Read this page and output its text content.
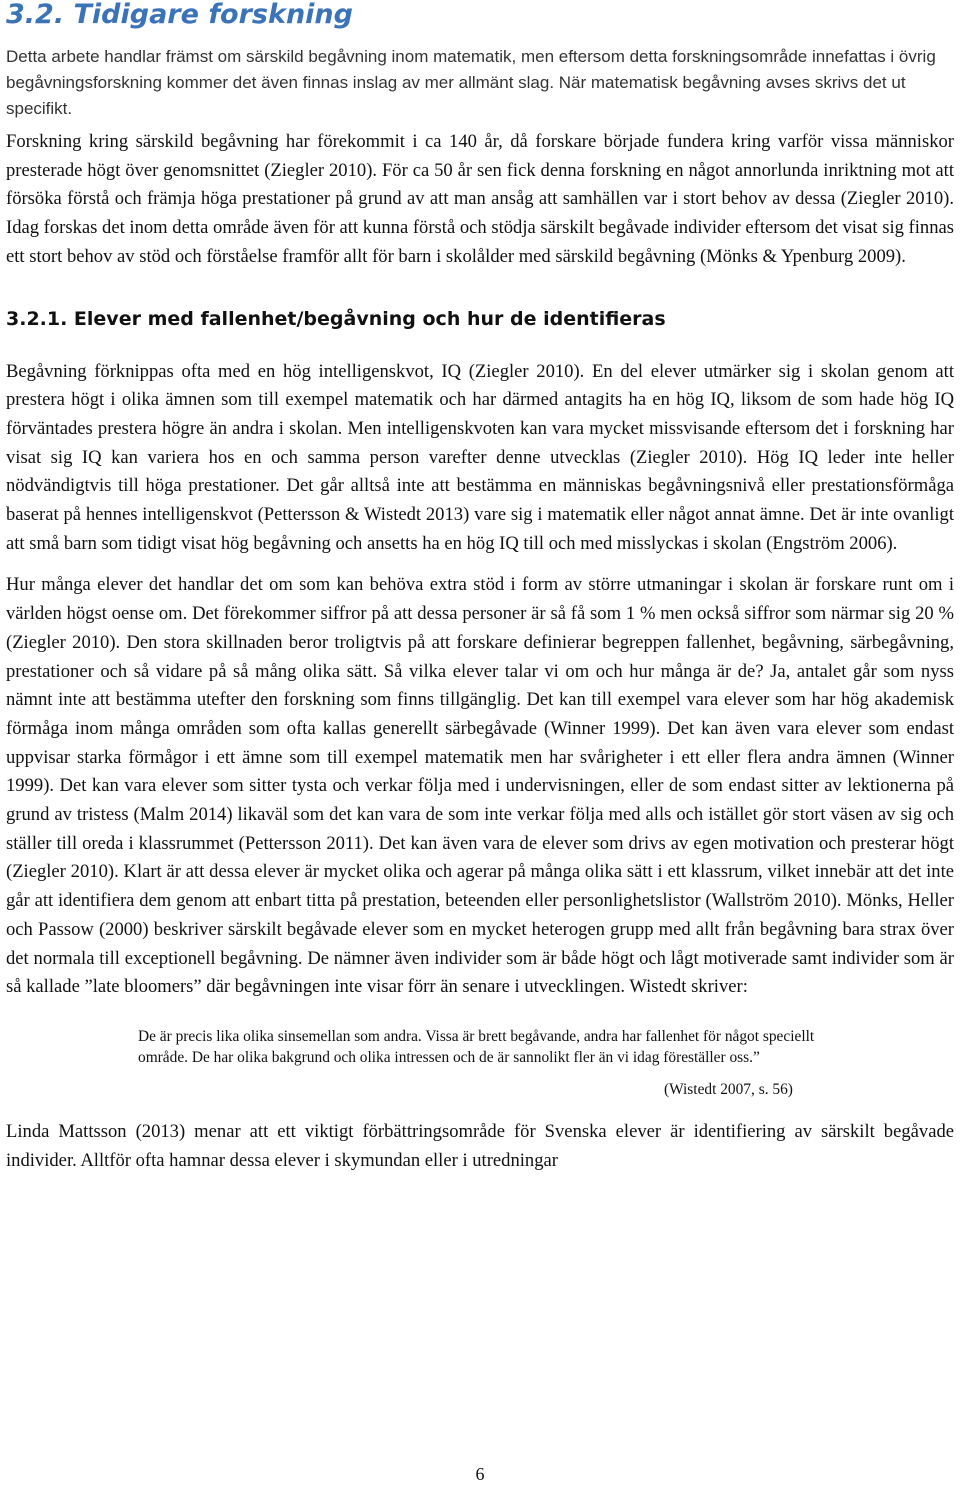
3.2. Tidigare forskning

Detta arbete handlar främst om särskild begåvning inom matematik, men eftersom detta forskningsområde innefattas i övrig begåvningsforskning kommer det även finnas inslag av mer allmänt slag. När matematisk begåvning avses skrivs det ut specifikt.

Forskning kring särskild begåvning har förekommit i ca 140 år, då forskare började fundera kring varför vissa människor presterade högt över genomsnittet (Ziegler 2010). För ca 50 år sen fick denna forskning en något annorlunda inriktning mot att försöka förstå och främja höga prestationer på grund av att man ansåg att samhällen var i stort behov av dessa (Ziegler 2010). Idag forskas det inom detta område även för att kunna förstå och stödja särskilt begåvade individer eftersom det visat sig finnas ett stort behov av stöd och förståelse framför allt för barn i skolålder med särskild begåvning (Mönks & Ypenburg 2009).

3.2.1. Elever med fallenhet/begåvning och hur de identifieras

Begåvning förknippas ofta med en hög intelligenskvot, IQ (Ziegler 2010). En del elever utmärker sig i skolan genom att prestera högt i olika ämnen som till exempel matematik och har därmed antagits ha en hög IQ, liksom de som hade hög IQ förväntades prestera högre än andra i skolan. Men intelligenskvoten kan vara mycket missvisande eftersom det i forskning har visat sig IQ kan variera hos en och samma person varefter denne utvecklas (Ziegler 2010). Hög IQ leder inte heller nödvändigtvis till höga prestationer. Det går alltså inte att bestämma en människas begåvningsnivå eller prestationsförmåga baserat på hennes intelligenskvot (Pettersson & Wistedt 2013) vare sig i matematik eller något annat ämne. Det är inte ovanligt att små barn som tidigt visat hög begåvning och ansetts ha en hög IQ till och med misslyckas i skolan (Engström 2006).

Hur många elever det handlar det om som kan behöva extra stöd i form av större utmaningar i skolan är forskare runt om i världen högst oense om. Det förekommer siffror på att dessa personer är så få som 1 % men också siffror som närmar sig 20 % (Ziegler 2010). Den stora skillnaden beror troligtvis på att forskare definierar begreppen fallenhet, begåvning, särbegåvning, prestationer och så vidare på så mång olika sätt. Så vilka elever talar vi om och hur många är de? Ja, antalet går som nyss nämnt inte att bestämma utefter den forskning som finns tillgänglig. Det kan till exempel vara elever som har hög akademisk förmåga inom många områden som ofta kallas generellt särbegåvade (Winner 1999). Det kan även vara elever som endast uppvisar starka förmågor i ett ämne som till exempel matematik men har svårigheter i ett eller flera andra ämnen (Winner 1999). Det kan vara elever som sitter tysta och verkar följa med i undervisningen, eller de som endast sitter av lektionerna på grund av tristess (Malm 2014) likaväl som det kan vara de som inte verkar följa med alls och istället gör stort väsen av sig och ställer till oreda i klassrummet (Pettersson 2011). Det kan även vara de elever som drivs av egen motivation och presterar högt (Ziegler 2010). Klart är att dessa elever är mycket olika och agerar på många olika sätt i ett klassrum, vilket innebär att det inte går att identifiera dem genom att enbart titta på prestation, beteenden eller personlighetslistor (Wallström 2010). Mönks, Heller och Passow (2000) beskriver särskilt begåvade elever som en mycket heterogen grupp med allt från begåvning bara strax över det normala till exceptionell begåvning. De nämner även individer som är både högt och lågt motiverade samt individer som är så kallade ”late bloomers” där begåvningen inte visar förr än senare i utvecklingen. Wistedt skriver:

De är precis lika olika sinsemellan som andra. Vissa är brett begåvande, andra har fallenhet för något speciellt område. De har olika bakgrund och olika intressen och de är sannolikt fler än vi idag föreställer oss.”

(Wistedt 2007, s. 56)

Linda Mattsson (2013) menar att ett viktigt förbättringsområde för Svenska elever är identifiering av särskilt begåvade individer. Alltför ofta hamnar dessa elever i skymundan eller i utredningar

6
